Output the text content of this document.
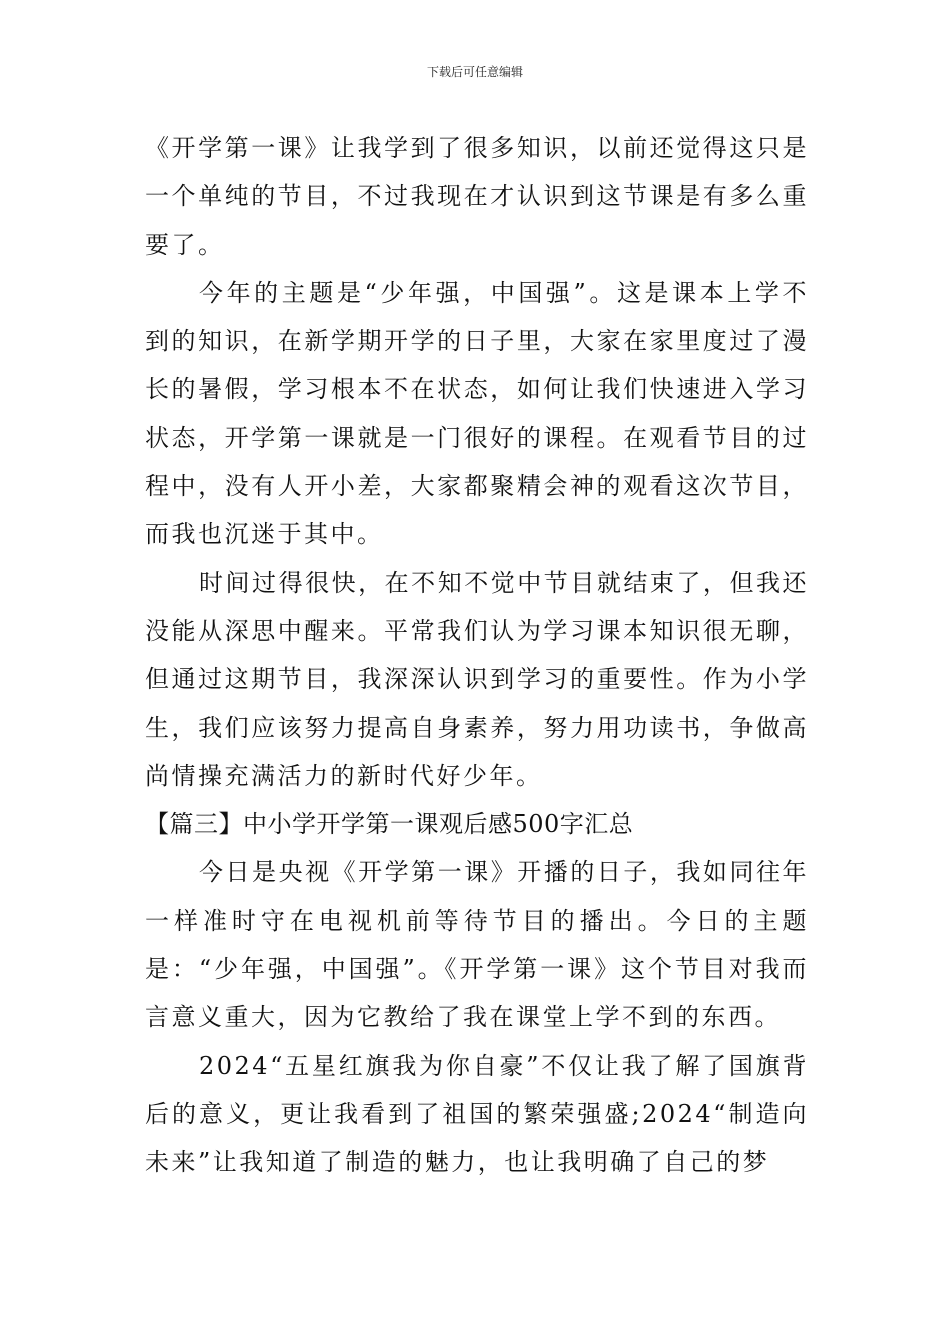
下载后可任意编辑

《开学第一课》让我学到了很多知识，以前还觉得这只是一个单纯的节目，不过我现在才认识到这节课是有多么重要了。

今年的主题是“少年强，中国强”。这是课本上学不到的知识，在新学期开学的日子里，大家在家里度过了漫长的暑假，学习根本不在状态，如何让我们快速进入学习状态，开学第一课就是一门很好的课程。在观看节目的过程中，没有人开小差，大家都聚精会神的观看这次节目，而我也沉迷于其中。

时间过得很快，在不知不觉中节目就结束了，但我还没能从深思中醒来。平常我们认为学习课本知识很无聊，但通过这期节目，我深深认识到学习的重要性。作为小学生，我们应该努力提高自身素养，努力用功读书，争做高尚情操充满活力的新时代好少年。

【篇三】中小学开学第一课观后感500字汇总

今日是央视《开学第一课》开播的日子，我如同往年一样准时守在电视机前等待节目的播出。今日的主题是：“少年强，中国强”。《开学第一课》这个节目对我而言意义重大，因为它教给了我在课堂上学不到的东西。

2024“五星红旗我为你自豪”不仅让我了解了国旗背后的意义，更让我看到了祖国的繁荣强盛;2024“制造向未来”让我知道了制造的魅力，也让我明确了自己的梦
